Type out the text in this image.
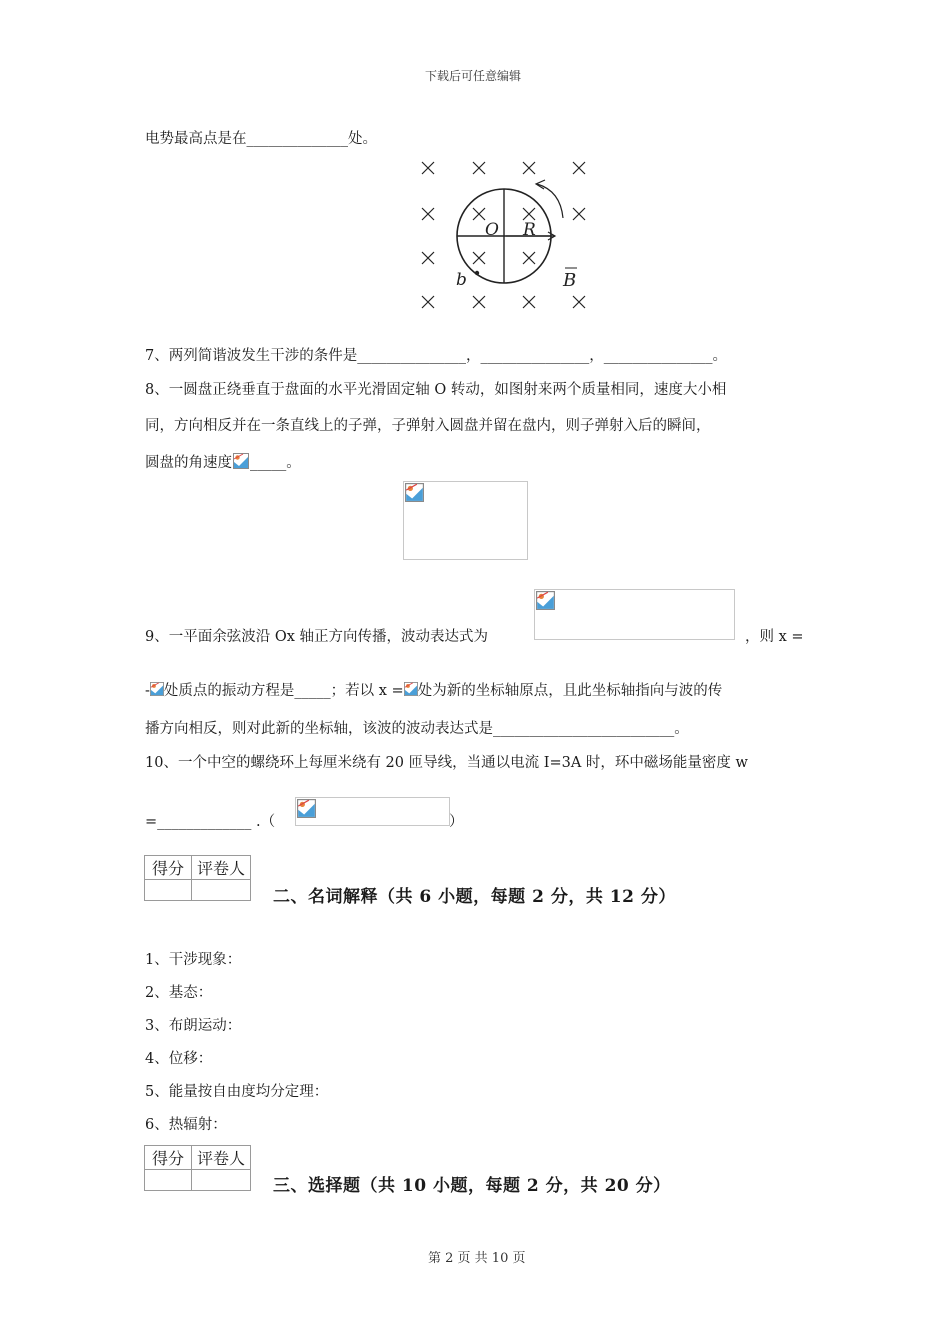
下载后可任意编辑
电势最高点是在______________处。
O R
b	B
7、两列简谐波发生干涉的条件是_______________，_______________，_______________。
8、一圆盘正绕垂直于盘面的水平光滑固定轴 O 转动，如图射来两个质量相同，速度大小相
同，方向相反并在一条直线上的子弹，子弹射入圆盘并留在盘内，则子弹射入后的瞬间，
圆盘的角速度 _____。
9、一平面余弦波沿 Ox 轴正方向传播，波动表达式为	，则 x =
- 处质点的振动方程是_____；若以 x = 处为新的坐标轴原点，且此坐标轴指向与波的传
播方向相反，则对此新的坐标轴，该波的波动表达式是_________________________。
10、一个中空的螺绕环上每厘米绕有 20 匝导线，当通以电流 I=3A 时，环中磁场能量密度 w
=_____________ .（	）
得分	评卷人

二、名词解释（共 6 小题，每题 2 分，共 12 分）
1、干涉现象：
2、基态：
3、布朗运动：
4、位移：
5、能量按自由度均分定理：
6、热辐射：
得分	评卷人

三、选择题（共 10 小题，每题 2 分，共 20 分）
第 2 页 共 10 页
